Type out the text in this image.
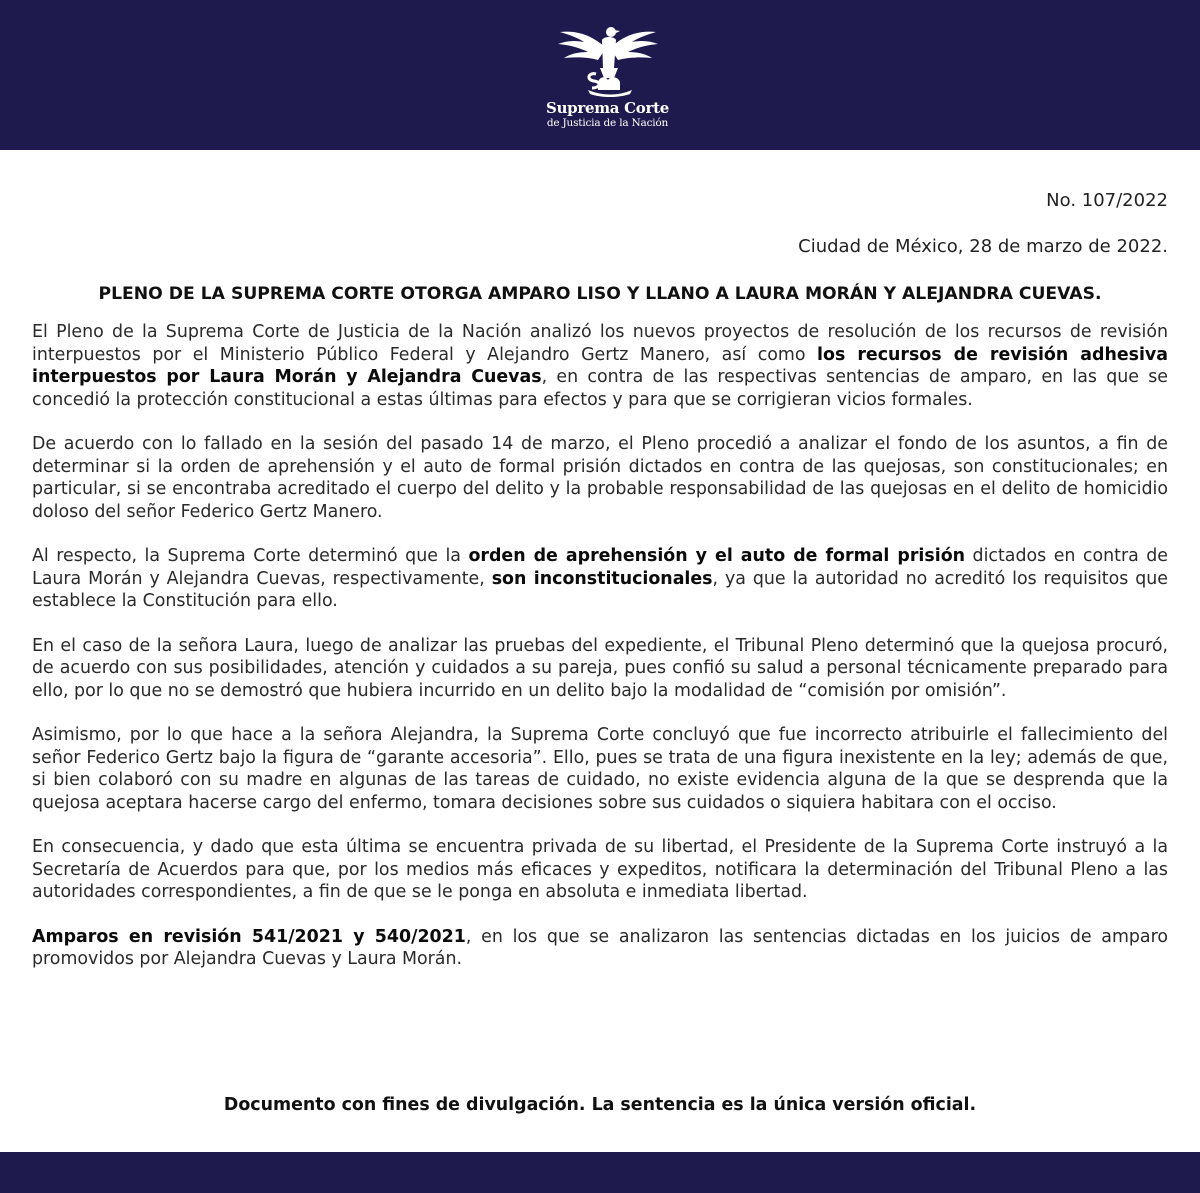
Suprema Corte
de Justicia de la Nación

No. 107/2022

Ciudad de México, 28 de marzo de 2022.

PLENO DE LA SUPREMA CORTE OTORGA AMPARO LISO Y LLANO A LAURA MORÁN Y ALEJANDRA CUEVAS.

El Pleno de la Suprema Corte de Justicia de la Nación analizó los nuevos proyectos de resolución de los recursos de revisión interpuestos por el Ministerio Público Federal y Alejandro Gertz Manero, así como los recursos de revisión adhesiva interpuestos por Laura Morán y Alejandra Cuevas, en contra de las respectivas sentencias de amparo, en las que se concedió la protección constitucional a estas últimas para efectos y para que se corrigieran vicios formales.

De acuerdo con lo fallado en la sesión del pasado 14 de marzo, el Pleno procedió a analizar el fondo de los asuntos, a fin de determinar si la orden de aprehensión y el auto de formal prisión dictados en contra de las quejosas, son constitucionales; en particular, si se encontraba acreditado el cuerpo del delito y la probable responsabilidad de las quejosas en el delito de homicidio doloso del señor Federico Gertz Manero.

Al respecto, la Suprema Corte determinó que la orden de aprehensión y el auto de formal prisión dictados en contra de Laura Morán y Alejandra Cuevas, respectivamente, son inconstitucionales, ya que la autoridad no acreditó los requisitos que establece la Constitución para ello.

En el caso de la señora Laura, luego de analizar las pruebas del expediente, el Tribunal Pleno determinó que la quejosa procuró, de acuerdo con sus posibilidades, atención y cuidados a su pareja, pues confió su salud a personal técnicamente preparado para ello, por lo que no se demostró que hubiera incurrido en un delito bajo la modalidad de “comisión por omisión”.

Asimismo, por lo que hace a la señora Alejandra, la Suprema Corte concluyó que fue incorrecto atribuirle el fallecimiento del señor Federico Gertz bajo la figura de “garante accesoria”. Ello, pues se trata de una figura inexistente en la ley; además de que, si bien colaboró con su madre en algunas de las tareas de cuidado, no existe evidencia alguna de la que se desprenda que la quejosa aceptara hacerse cargo del enfermo, tomara decisiones sobre sus cuidados o siquiera habitara con el occiso.

En consecuencia, y dado que esta última se encuentra privada de su libertad, el Presidente de la Suprema Corte instruyó a la Secretaría de Acuerdos para que, por los medios más eficaces y expeditos, notificara la determinación del Tribunal Pleno a las autoridades correspondientes, a fin de que se le ponga en absoluta e inmediata libertad.

Amparos en revisión 541/2021 y 540/2021, en los que se analizaron las sentencias dictadas en los juicios de amparo promovidos por Alejandra Cuevas y Laura Morán.

Documento con fines de divulgación. La sentencia es la única versión oficial.
